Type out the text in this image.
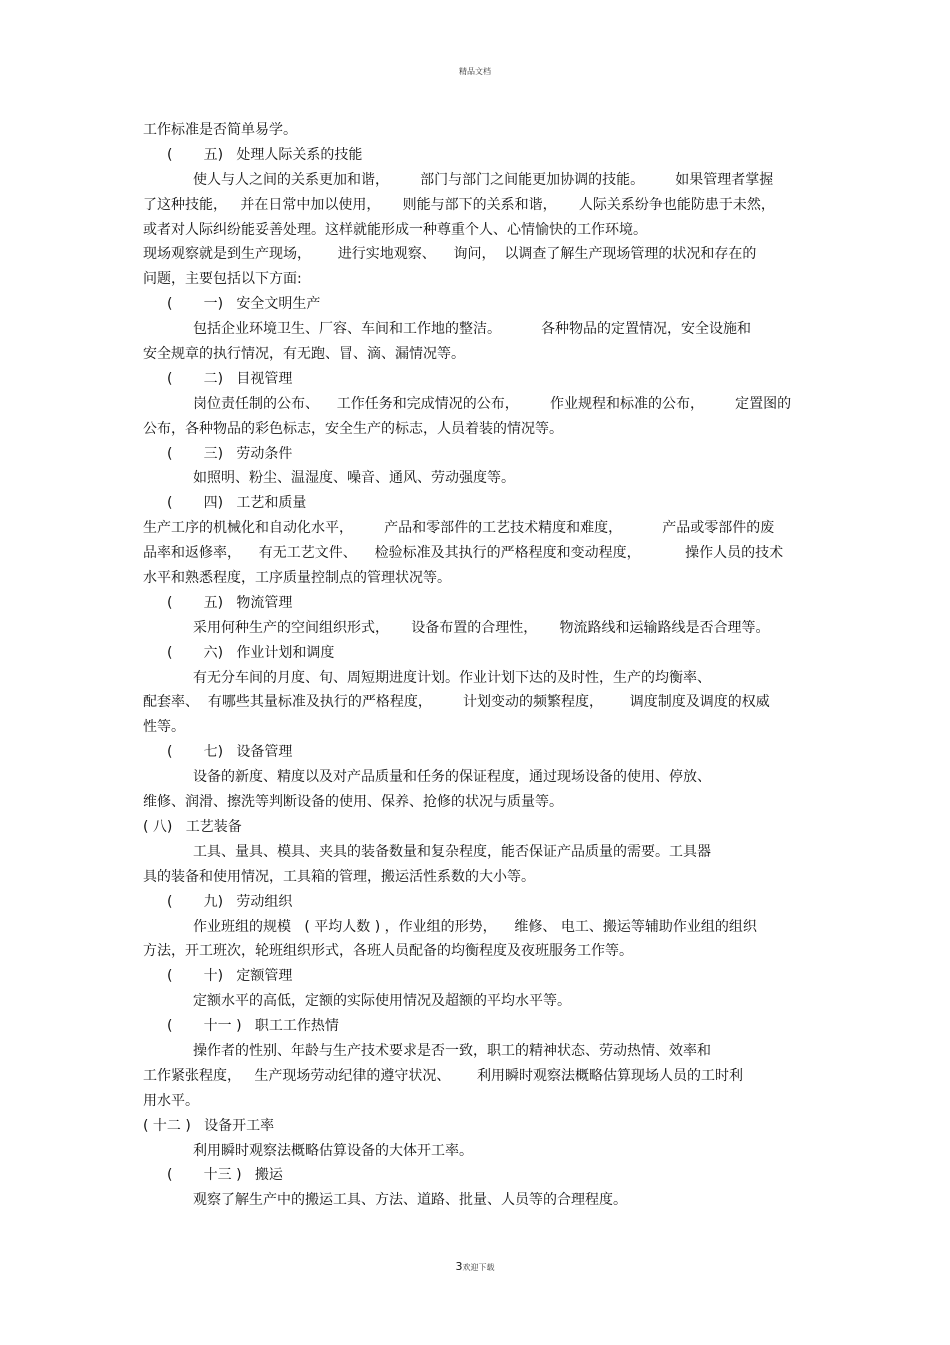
精品文档
工作标准是否简单易学。
(       五)   处理人际关系的技能
使人与人之间的关系更加和谐，       部门与部门之间能更加协调的技能。       如果管理者掌握
了这种技能，   并在日常中加以使用，     则能与部下的关系和谐，     人际关系纷争也能防患于未然，
或者对人际纠纷能妥善处理。这样就能形成一种尊重个人、心情愉快的工作环境。
现场观察就是到生产现场，      进行实地观察、    询问，  以调查了解生产现场管理的状况和存在的
问题，主要包括以下方面:
(       一)   安全文明生产
包括企业环境卫生、厂容、车间和工作地的整洁。         各种物品的定置情况，安全设施和
安全规章的执行情况，有无跑、冒、滴、漏情况等。
(       二)   目视管理
岗位责任制的公布、    工作任务和完成情况的公布，       作业规程和标准的公布，       定置图的
公布，各种物品的彩色标志，安全生产的标志，人员着装的情况等。
(       三)   劳动条件
如照明、粉尘、温湿度、噪音、通风、劳动强度等。
(       四)   工艺和质量
生产工序的机械化和自动化水平，       产品和零部件的工艺技术精度和难度，         产品或零部件的废
品率和返修率，    有无工艺文件、    检验标准及其执行的严格程度和变动程度，          操作人员的技术
水平和熟悉程度，工序质量控制点的管理状况等。
(       五)   物流管理
采用何种生产的空间组织形式，     设备布置的合理性，     物流路线和运输路线是否合理等。
(       六)   作业计划和调度
有无分车间的月度、旬、周短期进度计划。作业计划下达的及时性，生产的均衡率、
配套率、  有哪些其量标准及执行的严格程度，       计划变动的频繁程度，      调度制度及调度的权威
性等。
(       七)   设备管理
设备的新度、精度以及对产品质量和任务的保证程度，通过现场设备的使用、停放、
维修、润滑、擦洗等判断设备的使用、保养、抢修的状况与质量等。
( 八)   工艺装备
工具、量具、模具、夹具的装备数量和复杂程度，能否保证产品质量的需要。工具器
具的装备和使用情况，工具箱的管理，搬运活性系数的大小等。
(       九)   劳动组织
作业班组的规模   ( 平均人数 ) ，作业组的形势，    维修、 电工、搬运等辅助作业组的组织
方法，开工班次，轮班组织形式，各班人员配备的均衡程度及夜班服务工作等。
(       十)   定额管理
定额水平的高低，定额的实际使用情况及超额的平均水平等。
(       十一 )   职工工作热情
操作者的性别、年龄与生产技术要求是否一致，职工的精神状态、劳动热情、效率和
工作紧张程度，   生产现场劳动纪律的遵守状况、      利用瞬时观察法概略估算现场人员的工时利
用水平。
( 十二 )   设备开工率
利用瞬时观察法概略估算设备的大体开工率。
(       十三 )   搬运
观察了解生产中的搬运工具、方法、道路、批量、人员等的合理程度。
3欢迎下载
